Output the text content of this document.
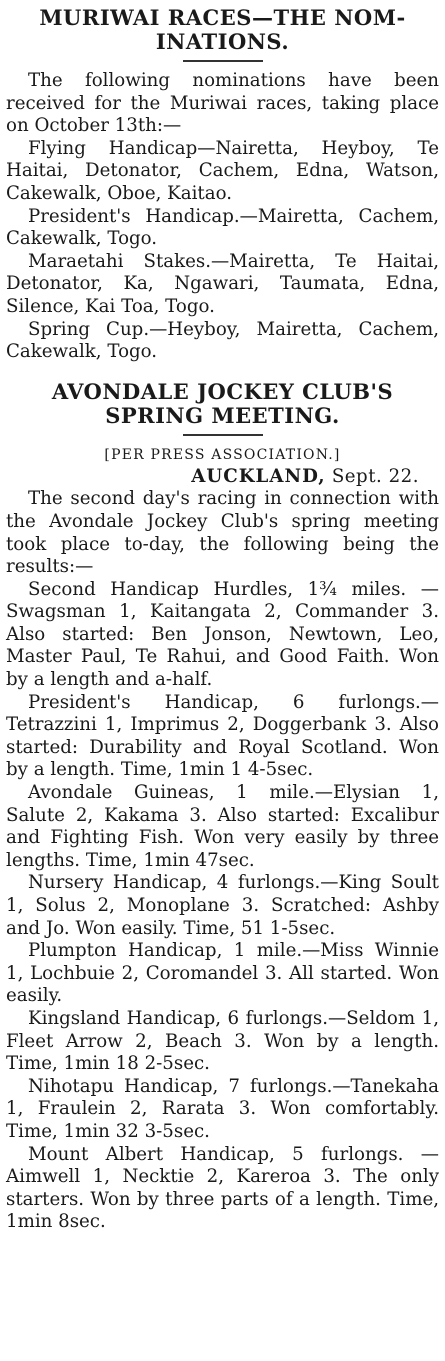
MURIWAI RACES—THE NOM-
INATIONS.

The following nominations have been received for the Muriwai races, taking place on October 13th:—

Flying Handicap—Nairetta, Heyboy, Te Haitai, Detonator, Cachem, Edna, Watson, Cakewalk, Oboe, Kaitao.

President's Handicap.—Mairetta, Cachem, Cakewalk, Togo.

Maraetahi Stakes.—Mairetta, Te Haitai, Detonator, Ka, Ngawari, Taumata, Edna, Silence, Kai Toa, Togo.

Spring Cup.—Heyboy, Mairetta, Cachem, Cakewalk, Togo.

AVONDALE JOCKEY CLUB'S
SPRING MEETING.
[PER PRESS ASSOCIATION.]
AUCKLAND, Sept. 22.

The second day's racing in connection with the Avondale Jockey Club's spring meeting took place to-day, the following being the results:—

Second Handicap Hurdles, 1¾ miles. —Swagsman 1, Kaitangata 2, Commander 3. Also started: Ben Jonson, Newtown, Leo, Master Paul, Te Rahui, and Good Faith. Won by a length and a-half.

President's Handicap, 6 furlongs.—Tetrazzini 1, Imprimus 2, Doggerbank 3. Also started: Durability and Royal Scotland. Won by a length. Time, 1min 1 4-5sec.

Avondale Guineas, 1 mile.—Elysian 1, Salute 2, Kakama 3. Also started: Excalibur and Fighting Fish. Won very easily by three lengths. Time, 1min 47sec.

Nursery Handicap, 4 furlongs.—King Soult 1, Solus 2, Monoplane 3. Scratched: Ashby and Jo. Won easily. Time, 51 1-5sec.

Plumpton Handicap, 1 mile.—Miss Winnie 1, Lochbuie 2, Coromandel 3. All started. Won easily.

Kingsland Handicap, 6 furlongs.—Seldom 1, Fleet Arrow 2, Beach 3. Won by a length. Time, 1min 18 2-5sec.

Nihotapu Handicap, 7 furlongs.—Tanekaha 1, Fraulein 2, Rarata 3. Won comfortably. Time, 1min 32 3-5sec.

Mount Albert Handicap, 5 furlongs. —Aimwell 1, Necktie 2, Kareroa 3. The only starters. Won by three parts of a length. Time, 1min 8sec.
